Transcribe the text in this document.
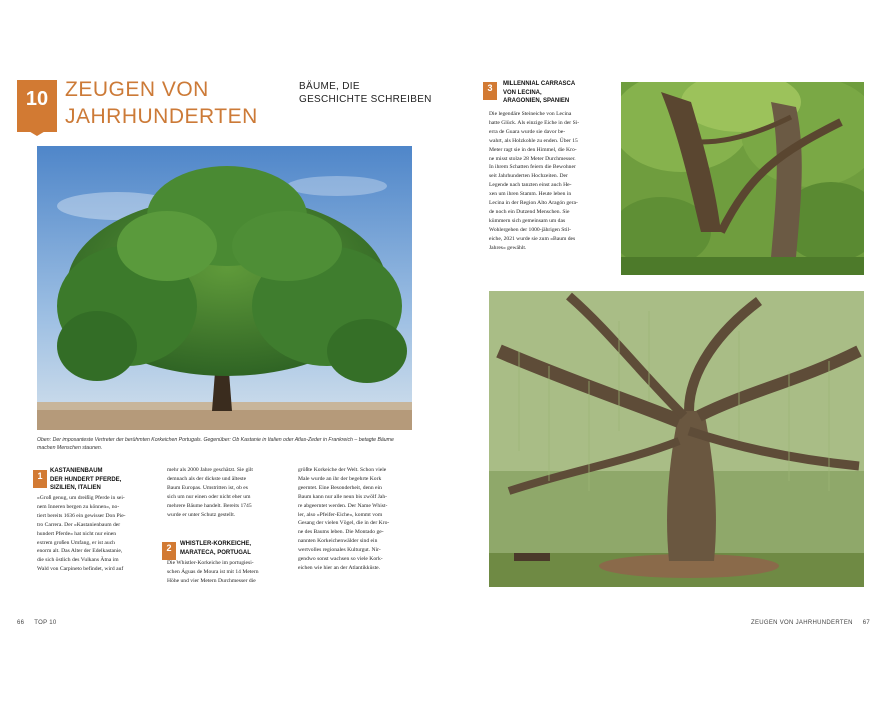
10 ZEUGEN VON
JAHRHUNDERTEN
BÄUME, DIE
GESCHICHTE SCHREIBEN
Oben: Der imposanteste Vertreter der berühmten Korkeichen Portugals. Gegenüber: Ob Kastanie in Italien oder Atlas-Zeder in Frankreich – betagte Bäume
machen Menschen staunen.
1	KASTANIENBAUM
DER HUNDERT PFERDE,
SIZILIEN, ITALIEN
»Groß genug, um dreißig Pferde in sei-
nem Inneren bergen zu können«, no-
tiert bereits 1636 ein gewisser Don Pie-
tro Carrera. Der »Kastanienbaum der
hundert Pferde« hat nicht nur einen
extrem großen Umfang, er ist auch
enorm alt. Das Alter der Edelkastanie,
die sich östlich des Vulkans Ätna im
Wald von Carpineto befindet, wird auf
mehr als 2000 Jahre geschätzt. Sie gilt
demnach als der dickste und älteste
Baum Europas. Umstritten ist, ob es
sich um nur einen oder nicht eher um
mehrere Bäume handelt. Bereits 1745
wurde er unter Schutz gestellt.
2	WHISTLER-KORKEICHE,
MARATECA, PORTUGAL
Die Whistler-Korkeiche im portugiesi-
schen Águas de Moura ist mit 14 Metern
Höhe und vier Metern Durchmesser die
größte Korkeiche der Welt. Schon viele
Male wurde an ihr der begehrte Kork
geerntet. Eine Besonderheit, denn ein
Baum kann nur alle neun bis zwölf Jah-
re abgeerntet werden. Der Name Whist-
ler, also »Pfeifer-Eiche«, kommt vom
Gesang der vielen Vögel, die in der Kro-
ne des Baums leben. Die Montado ge-
nannten Korkeichenwälder sind ein
wertvolles regionales Kulturgut. Nir-
gendwo sonst wachsen so viele Kork-
eichen wie hier an der Atlantikküste.
3	MILLENNIAL CARRASCA
VON LECINA,
ARAGONIEN, SPANIEN
Die legendäre Steineiche von Lecina
hatte Glück. Als einzige Eiche in der Si-
erra de Guara wurde sie davor be-
wahrt, als Holzkohle zu enden. Über 15
Meter ragt sie in den Himmel, die Kro-
ne misst stolze 28 Meter Durchmesser.
In ihrem Schatten feiern die Bewohner
seit Jahrhunderten Hochzeiten. Der
Legende nach tanzten einst auch He-
xen um ihren Stamm. Heute leben in
Lecina in der Region Alto Aragón gera-
de noch ein Dutzend Menschen. Sie
kümmern sich gemeinsam um das
Wohlergehen der 1000-jährigen Stil-
eiche, 2021 wurde sie zum »Baum des
Jahres« gewählt.
66 TOP 10	ZEUGEN VON JAHRHUNDERTEN 67
